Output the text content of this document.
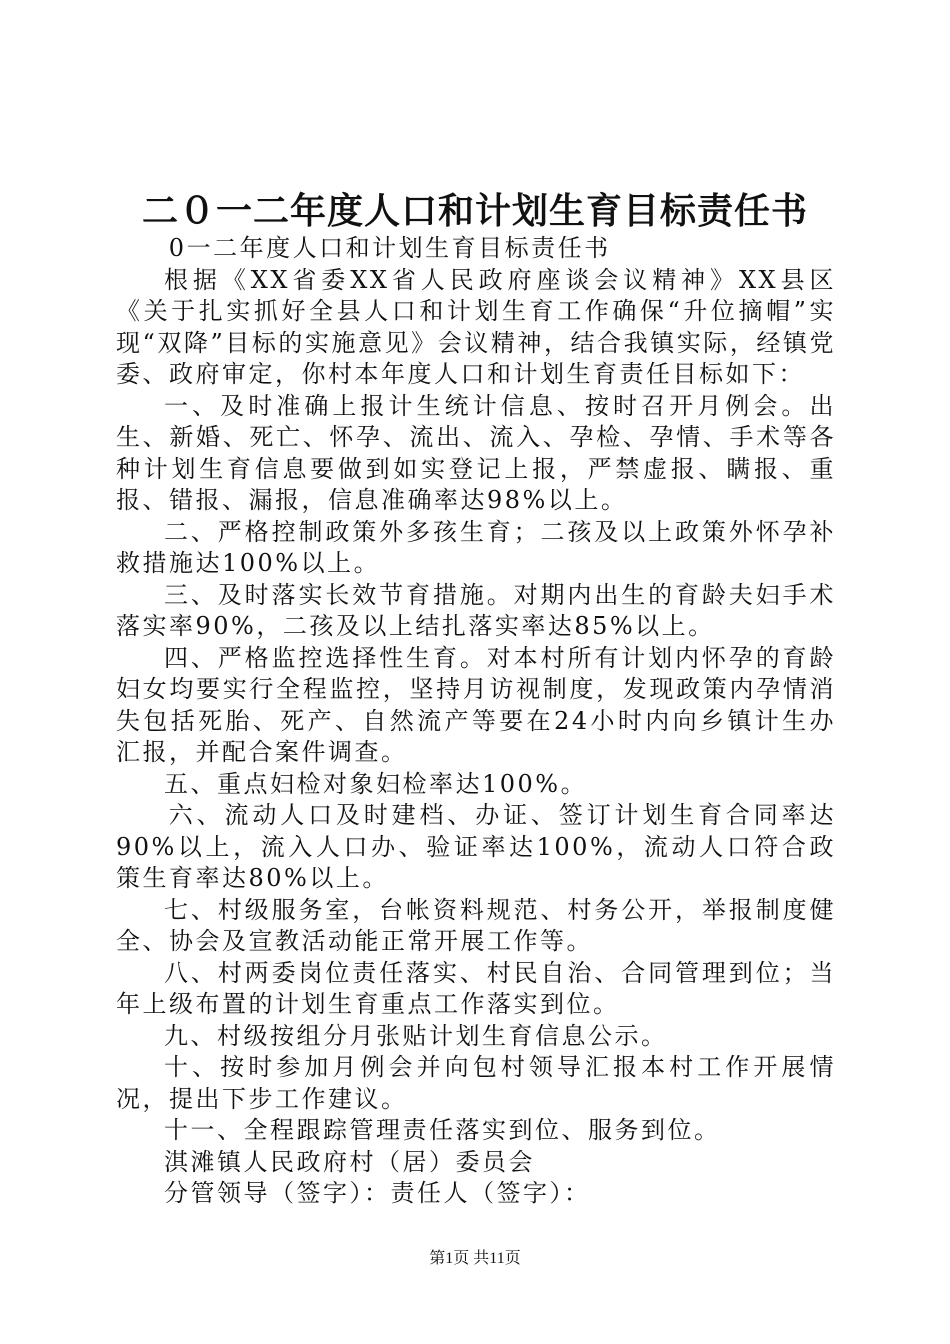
二０一二年度人口和计划生育目标责任书

0一二年度人口和计划生育目标责任书

根据《XX省委XX省人民政府座谈会议精神》XX县区《关于扎实抓好全县人口和计划生育工作确保“升位摘帽”实现“双降”目标的实施意见》会议精神，结合我镇实际，经镇党委、政府审定，你村本年度人口和计划生育责任目标如下：

一、及时准确上报计生统计信息、按时召开月例会。出生、新婚、死亡、怀孕、流出、流入、孕检、孕情、手术等各种计划生育信息要做到如实登记上报，严禁虚报、瞒报、重报、错报、漏报，信息准确率达98%以上。

二、严格控制政策外多孩生育；二孩及以上政策外怀孕补救措施达100%以上。

三、及时落实长效节育措施。对期内出生的育龄夫妇手术落实率90%，二孩及以上结扎落实率达85%以上。

四、严格监控选择性生育。对本村所有计划内怀孕的育龄妇女均要实行全程监控，坚持月访视制度，发现政策内孕情消失包括死胎、死产、自然流产等要在24小时内向乡镇计生办汇报，并配合案件调查。

五、重点妇检对象妇检率达100%。

六、流动人口及时建档、办证、签订计划生育合同率达90%以上，流入人口办、验证率达100%，流动人口符合政策生育率达80%以上。

七、村级服务室，台帐资料规范、村务公开，举报制度健全、协会及宣教活动能正常开展工作等。

八、村两委岗位责任落实、村民自治、合同管理到位；当年上级布置的计划生育重点工作落实到位。

九、村级按组分月张贴计划生育信息公示。

十、按时参加月例会并向包村领导汇报本村工作开展情况，提出下步工作建议。

十一、全程跟踪管理责任落实到位、服务到位。

淇滩镇人民政府村（居）委员会

分管领导（签字）：责任人（签字）：

第1页 共11页
